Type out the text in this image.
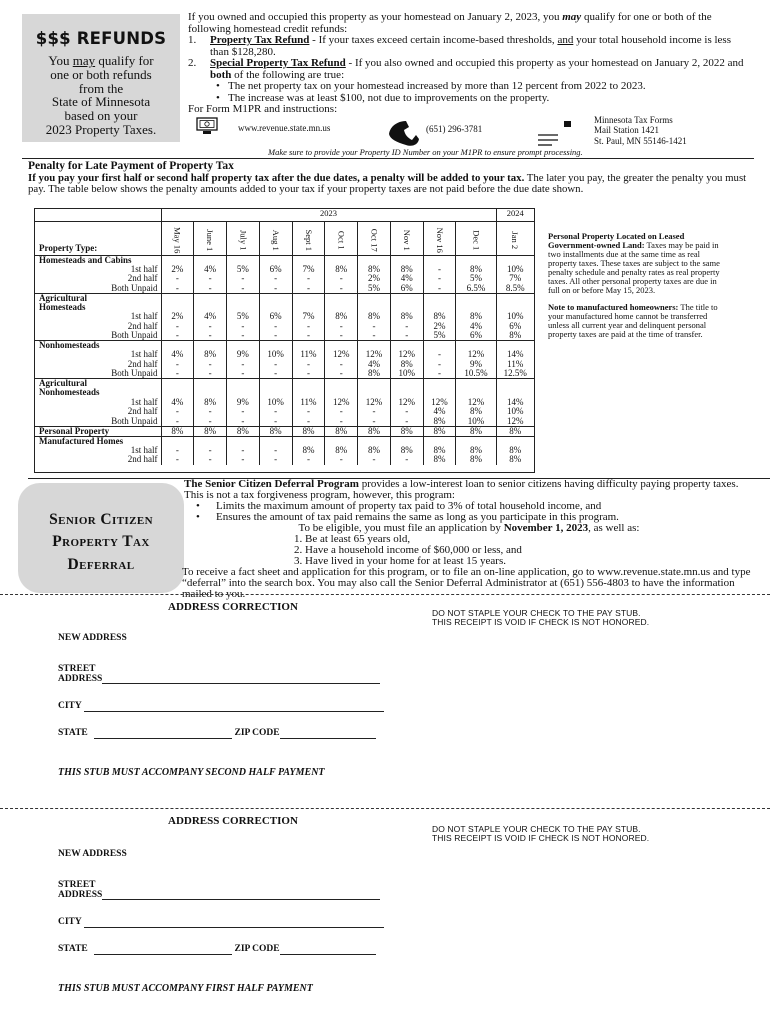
$$$ REFUNDS
You may qualify for
one or both refunds
from the
State of Minnesota
based on your
2023 Property Taxes.
If you owned and occupied this property as your homestead on January 2, 2023, you may qualify for one or both of the following homestead credit refunds:
1. Property Tax Refund - If your taxes exceed certain income-based thresholds, and your total household income is less than $128,280.
2. Special Property Tax Refund - If you also owned and occupied this property as your homestead on January 2, 2022 and both of the following are true:
• The net property tax on your homestead increased by more than 12 percent from 2022 to 2023.
• The increase was at least $100, not due to improvements on the property.
For Form M1PR and instructions:
www.revenue.state.mn.us	(651) 296-3781
Minnesota Tax Forms
Mail Station 1421
St. Paul, MN 55146-1421
Make sure to provide your Property ID Number on your M1PR to ensure prompt processing.
Penalty for Late Payment of Property Tax
If you pay your first half or second half property tax after the due dates, a penalty will be added to your tax. The later you pay, the greater the penalty you must pay. The table below shows the penalty amounts added to your tax if your property taxes are not paid before the due date shown.
	2023										2024
Property Type:	May 16	June 1	July 1	Aug 1	Sept 1	Oct 1	Oct 17	Nov 1	Nov 16	Dec 1	Jan 2
Homesteads and Cabins											
1st half	2%	4%	5%	6%	7%	8%	8%	8%	-	8%	10%
2nd half	-	-	-	-	-	-	2%	4%	-	5%	7%
Both Unpaid	-	-	-	-	-	-	5%	6%	-	6.5%	8.5%
Agricultural											
Homesteads											
1st half	2%	4%	5%	6%	7%	8%	8%	8%	8%	8%	10%
2nd half	-	-	-	-	-	-	-	-	2%	4%	6%
Both Unpaid	-	-	-	-	-	-	-	-	5%	6%	8%
Nonhomesteads											
1st half	4%	8%	9%	10%	11%	12%	12%	12%	-	12%	14%
2nd half	-	-	-	-	-	-	4%	8%	-	9%	11%
Both Unpaid	-	-	-	-	-	-	8%	10%	-	10.5%	12.5%
Agricultural											
Nonhomesteads											
1st half	4%	8%	9%	10%	11%	12%	12%	12%	12%	12%	14%
2nd half	-	-	-	-	-	-	-	-	4%	8%	10%
Both Unpaid	-	-	-	-	-	-	-	-	8%	10%	12%
Personal Property	8%	8%	8%	8%	8%	8%	8%	8%	8%	8%	8%
Manufactured Homes											
1st half	-	-	-	-	8%	8%	8%	8%	8%	8%	8%
2nd half	-	-	-	-	-	-	-	-	8%	8%	8%
Personal Property Located on Leased Government-owned Land: Taxes may be paid in two installments due at the same time as real property taxes. These taxes are subject to the same penalty schedule and penalty rates as real property taxes. All other personal property taxes are due in full on or before May 15, 2023.
Note to manufactured homeowners: The title to your manufactured home cannot be transferred unless all current year and delinquent personal property taxes are paid at the time of transfer.
Senior Citizen
Property Tax
Deferral
The Senior Citizen Deferral Program provides a low-interest loan to senior citizens having difficulty paying property taxes. This is not a tax forgiveness program, however, this program:
• Limits the maximum amount of property tax paid to 3% of total household income, and
• Ensures the amount of tax paid remains the same as long as you participate in this program.
To be eligible, you must file an application by November 1, 2023, as well as:
1. Be at least 65 years old,
2. Have a household income of $60,000 or less, and
3. Have lived in your home for at least 15 years.
To receive a fact sheet and application for this program, or to file an on-line application, go to www.revenue.state.mn.us and type “deferral” into the search box. You may also call the Senior Deferral Administrator at (651) 556-4803 to have the information mailed to you.
ADDRESS CORRECTION	DO NOT STAPLE YOUR CHECK TO THE PAY STUB.
THIS RECEIPT IS VOID IF CHECK IS NOT HONORED.
NEW ADDRESS
STREET
ADDRESS
CITY
STATE	ZIP CODE
THIS STUB MUST ACCOMPANY SECOND HALF PAYMENT
ADDRESS CORRECTION
DO NOT STAPLE YOUR CHECK TO THE PAY STUB.
THIS RECEIPT IS VOID IF CHECK IS NOT HONORED.
NEW ADDRESS
STREET
ADDRESS
CITY
STATE	ZIP CODE
THIS STUB MUST ACCOMPANY FIRST HALF PAYMENT
